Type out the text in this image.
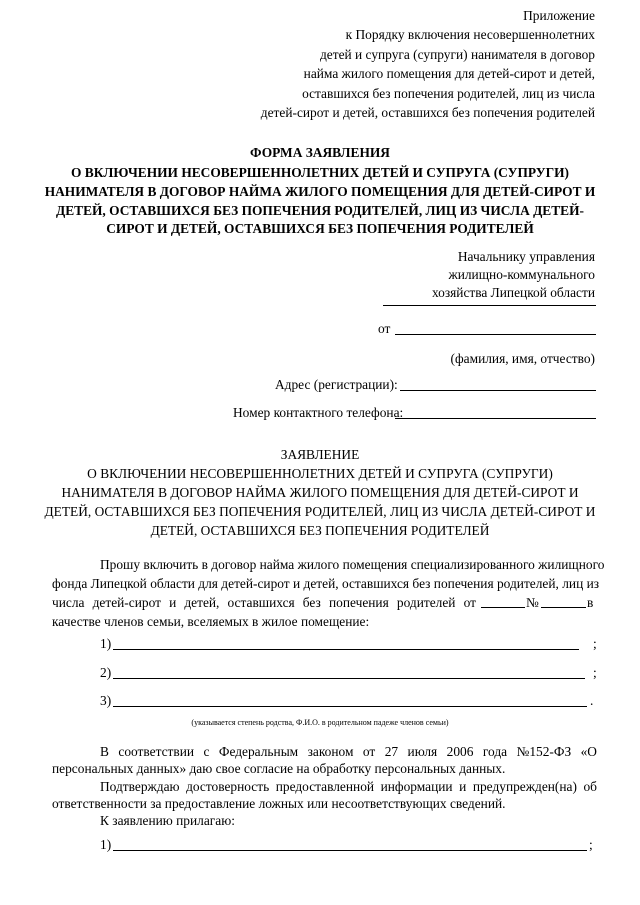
Приложение
к Порядку включения несовершеннолетних
детей и супруга (супруги) нанимателя в договор
найма жилого помещения для детей-сирот и детей,
оставшихся без попечения родителей, лиц из числа
детей-сирот и детей, оставшихся без попечения родителей
ФОРМА ЗАЯВЛЕНИЯ
О ВКЛЮЧЕНИИ НЕСОВЕРШЕННОЛЕТНИХ ДЕТЕЙ И СУПРУГА (СУПРУГИ)
НАНИМАТЕЛЯ В ДОГОВОР НАЙМА ЖИЛОГО ПОМЕЩЕНИЯ ДЛЯ ДЕТЕЙ-СИРОТ И
ДЕТЕЙ, ОСТАВШИХСЯ БЕЗ ПОПЕЧЕНИЯ РОДИТЕЛЕЙ, ЛИЦ ИЗ ЧИСЛА ДЕТЕЙ-
СИРОТ И ДЕТЕЙ, ОСТАВШИХСЯ БЕЗ ПОПЕЧЕНИЯ РОДИТЕЛЕЙ
Начальнику управления
жилищно-коммунального
хозяйства Липецкой области
от
(фамилия, имя, отчество)
Адрес (регистрации):
Номер контактного телефона:
ЗАЯВЛЕНИЕ
О ВКЛЮЧЕНИИ НЕСОВЕРШЕННОЛЕТНИХ ДЕТЕЙ И СУПРУГА (СУПРУГИ)
НАНИМАТЕЛЯ В ДОГОВОР НАЙМА ЖИЛОГО ПОМЕЩЕНИЯ ДЛЯ ДЕТЕЙ-СИРОТ И
ДЕТЕЙ, ОСТАВШИХСЯ БЕЗ ПОПЕЧЕНИЯ РОДИТЕЛЕЙ, ЛИЦ ИЗ ЧИСЛА ДЕТЕЙ-СИРОТ И
ДЕТЕЙ, ОСТАВШИХСЯ БЕЗ ПОПЕЧЕНИЯ РОДИТЕЛЕЙ
Прошу включить в договор найма жилого помещения специализированного жилищного
фонда Липецкой области для детей-сирот и детей, оставшихся без попечения родителей, лиц из
числа детей-сирот и детей, оставшихся без попечения родителей от	№	в
качестве членов семьи, вселяемых в жилое помещение:
1)	;
2)	;
3)	.
(указывается степень родства, Ф.И.О. в родительном падеже членов семьи)
В соответствии с Федеральным законом от 27 июля 2006 года №152-ФЗ «О
персональных данных» даю свое согласие на обработку персональных данных.
Подтверждаю достоверность предоставленной информации и предупрежден(на) об
ответственности за предоставление ложных или несоответствующих сведений.
К заявлению прилагаю:
1)	;
